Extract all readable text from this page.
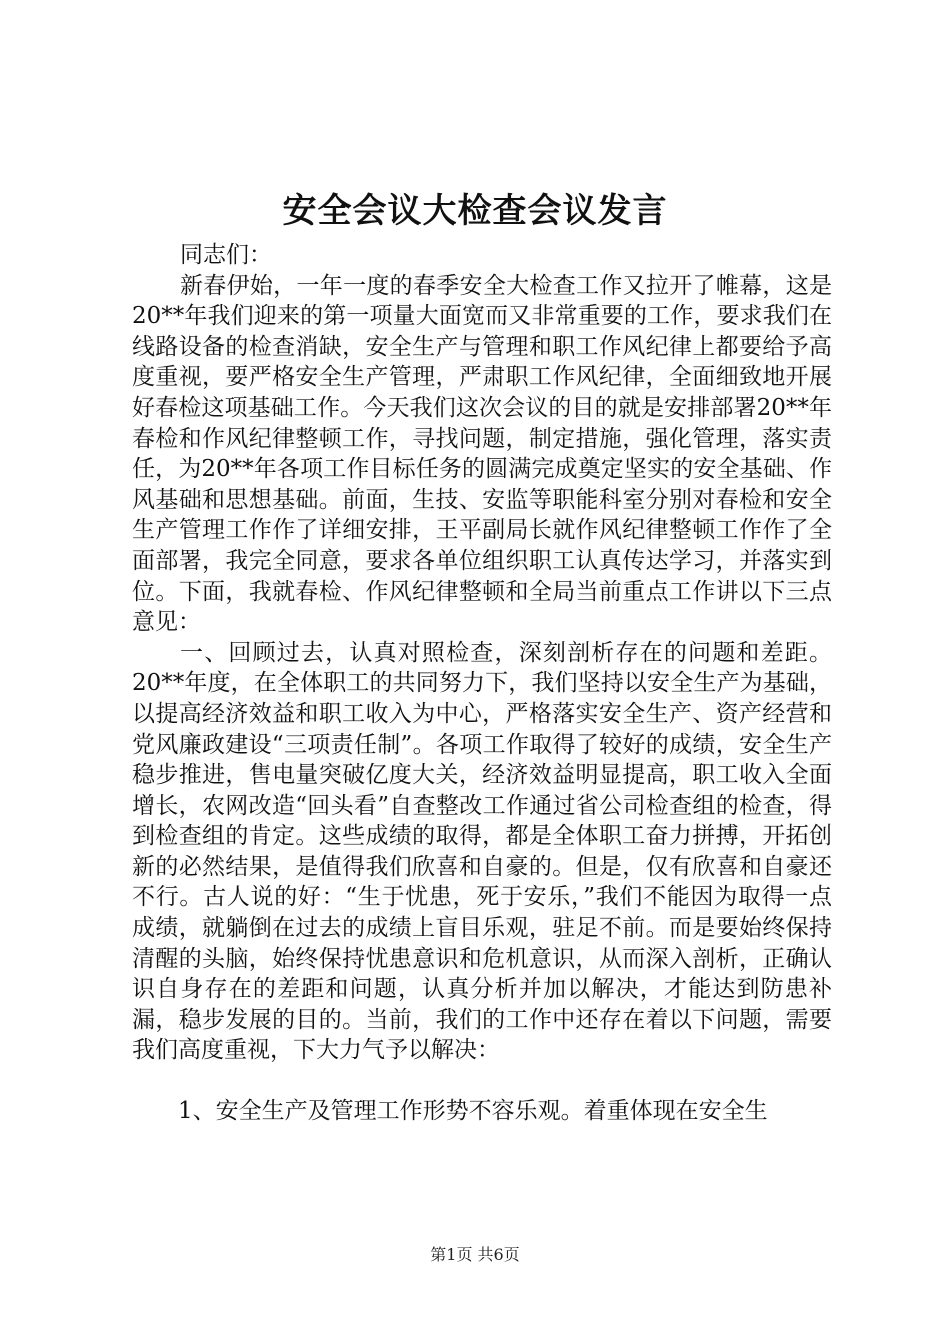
安全会议大检查会议发言

同志们：

新春伊始，一年一度的春季安全大检查工作又拉开了帷幕，这是20**年我们迎来的第一项量大面宽而又非常重要的工作，要求我们在线路设备的检查消缺，安全生产与管理和职工作风纪律上都要给予高度重视，要严格安全生产管理，严肃职工作风纪律，全面细致地开展好春检这项基础工作。今天我们这次会议的目的就是安排部署20**年春检和作风纪律整顿工作，寻找问题，制定措施，强化管理，落实责任，为20**年各项工作目标任务的圆满完成奠定坚实的安全基础、作风基础和思想基础。前面，生技、安监等职能科室分别对春检和安全生产管理工作作了详细安排，王平副局长就作风纪律整顿工作作了全面部署，我完全同意，要求各单位组织职工认真传达学习，并落实到位。下面，我就春检、作风纪律整顿和全局当前重点工作讲以下三点意见：

一、回顾过去，认真对照检查，深刻剖析存在的问题和差距。20**年度，在全体职工的共同努力下，我们坚持以安全生产为基础，以提高经济效益和职工收入为中心，严格落实安全生产、资产经营和党风廉政建设“三项责任制”。各项工作取得了较好的成绩，安全生产稳步推进，售电量突破亿度大关，经济效益明显提高，职工收入全面增长，农网改造“回头看”自查整改工作通过省公司检查组的检查，得到检查组的肯定。这些成绩的取得，都是全体职工奋力拼搏，开拓创新的必然结果，是值得我们欣喜和自豪的。但是，仅有欣喜和自豪还不行。古人说的好：“生于忧患，死于安乐，”我们不能因为取得一点成绩，就躺倒在过去的成绩上盲目乐观，驻足不前。而是要始终保持清醒的头脑，始终保持忧患意识和危机意识，从而深入剖析，正确认识自身存在的差距和问题，认真分析并加以解决，才能达到防患补漏，稳步发展的目的。当前，我们的工作中还存在着以下问题，需要我们高度重视，下大力气予以解决：

1、安全生产及管理工作形势不容乐观。着重体现在安全生

第1页 共6页
